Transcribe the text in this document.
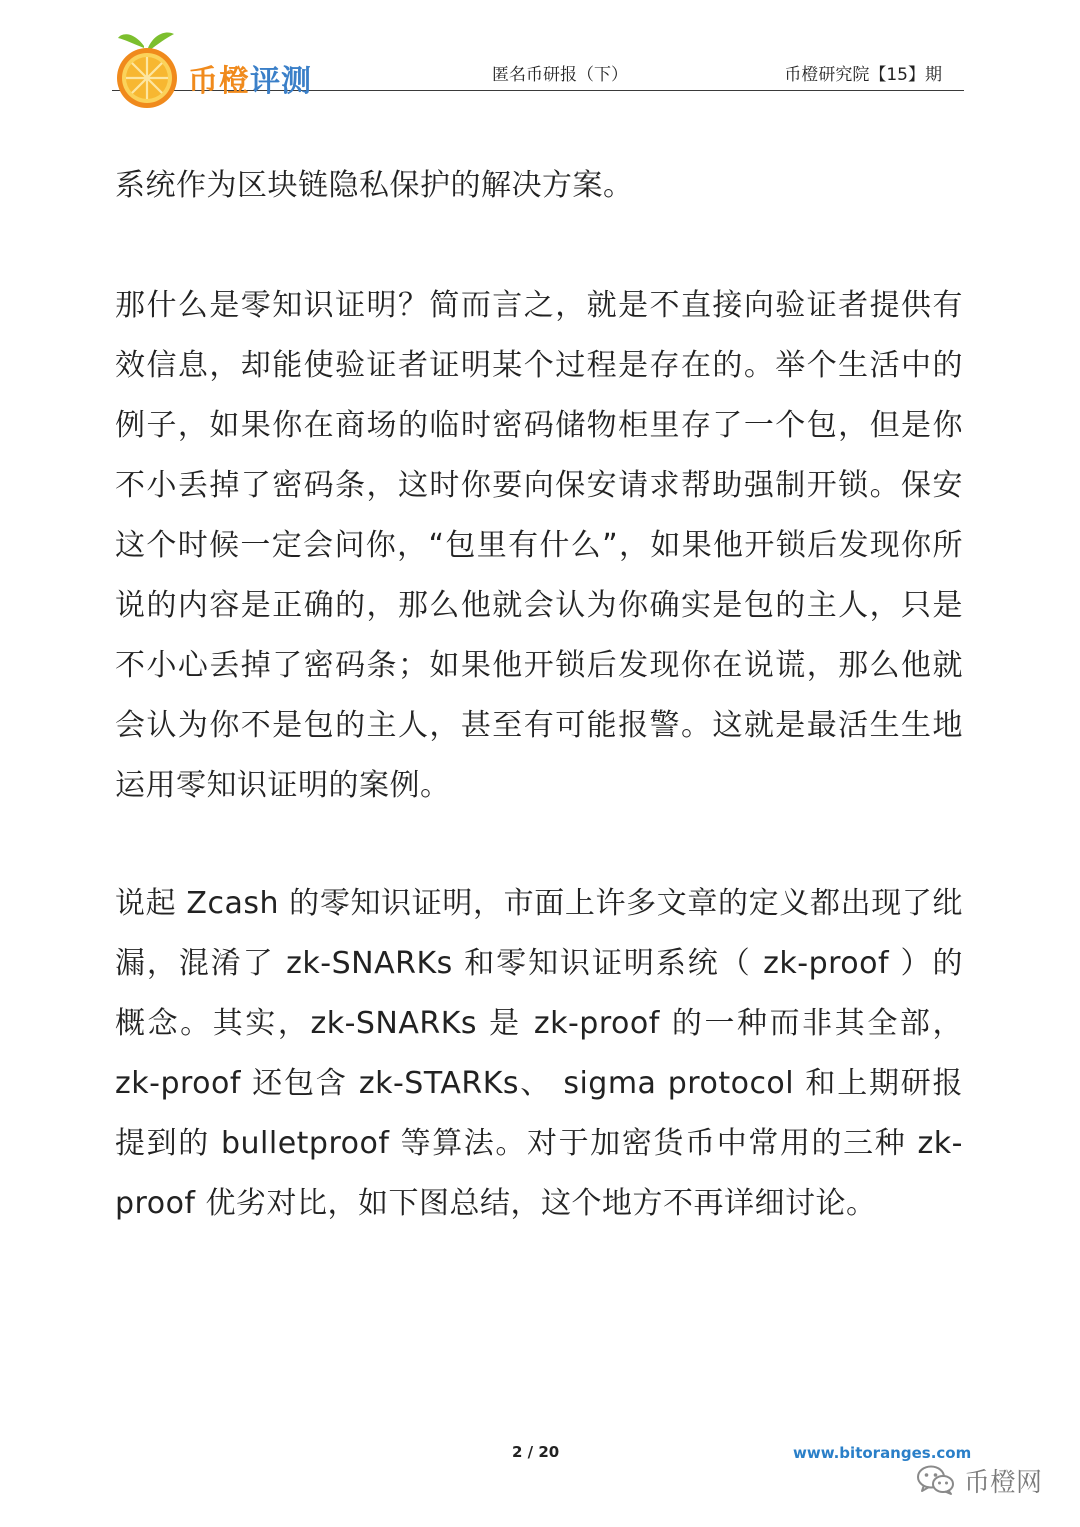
币橙评测	匿名币研报（下）	币橙研究院【15】期

系统作为区块链隐私保护的解决方案。

那什么是零知识证明？简而言之，就是不直接向验证者提供有效信息，却能使验证者证明某个过程是存在的。举个生活中的例子，如果你在商场的临时密码储物柜里存了一个包，但是你不小丢掉了密码条，这时你要向保安请求帮助强制开锁。保安这个时候一定会问你，“包里有什么”，如果他开锁后发现你所说的内容是正确的，那么他就会认为你确实是包的主人，只是不小心丢掉了密码条；如果他开锁后发现你在说谎，那么他就会认为你不是包的主人，甚至有可能报警。这就是最活生生地运用零知识证明的案例。

说起 Zcash 的零知识证明，市面上许多文章的定义都出现了纰漏，混淆了 zk-SNARKs 和零知识证明系统（ zk-proof ）的概念。其实，zk-SNARKs 是 zk-proof 的一种而非其全部，zk-proof 还包含 zk-STARKs、 sigma protocol 和上期研报提到的 bulletproof 等算法。对于加密货币中常用的三种 zk-proof 优劣对比，如下图总结，这个地方不再详细讨论。

2 / 20	www.bitoranges.com
币橙网
